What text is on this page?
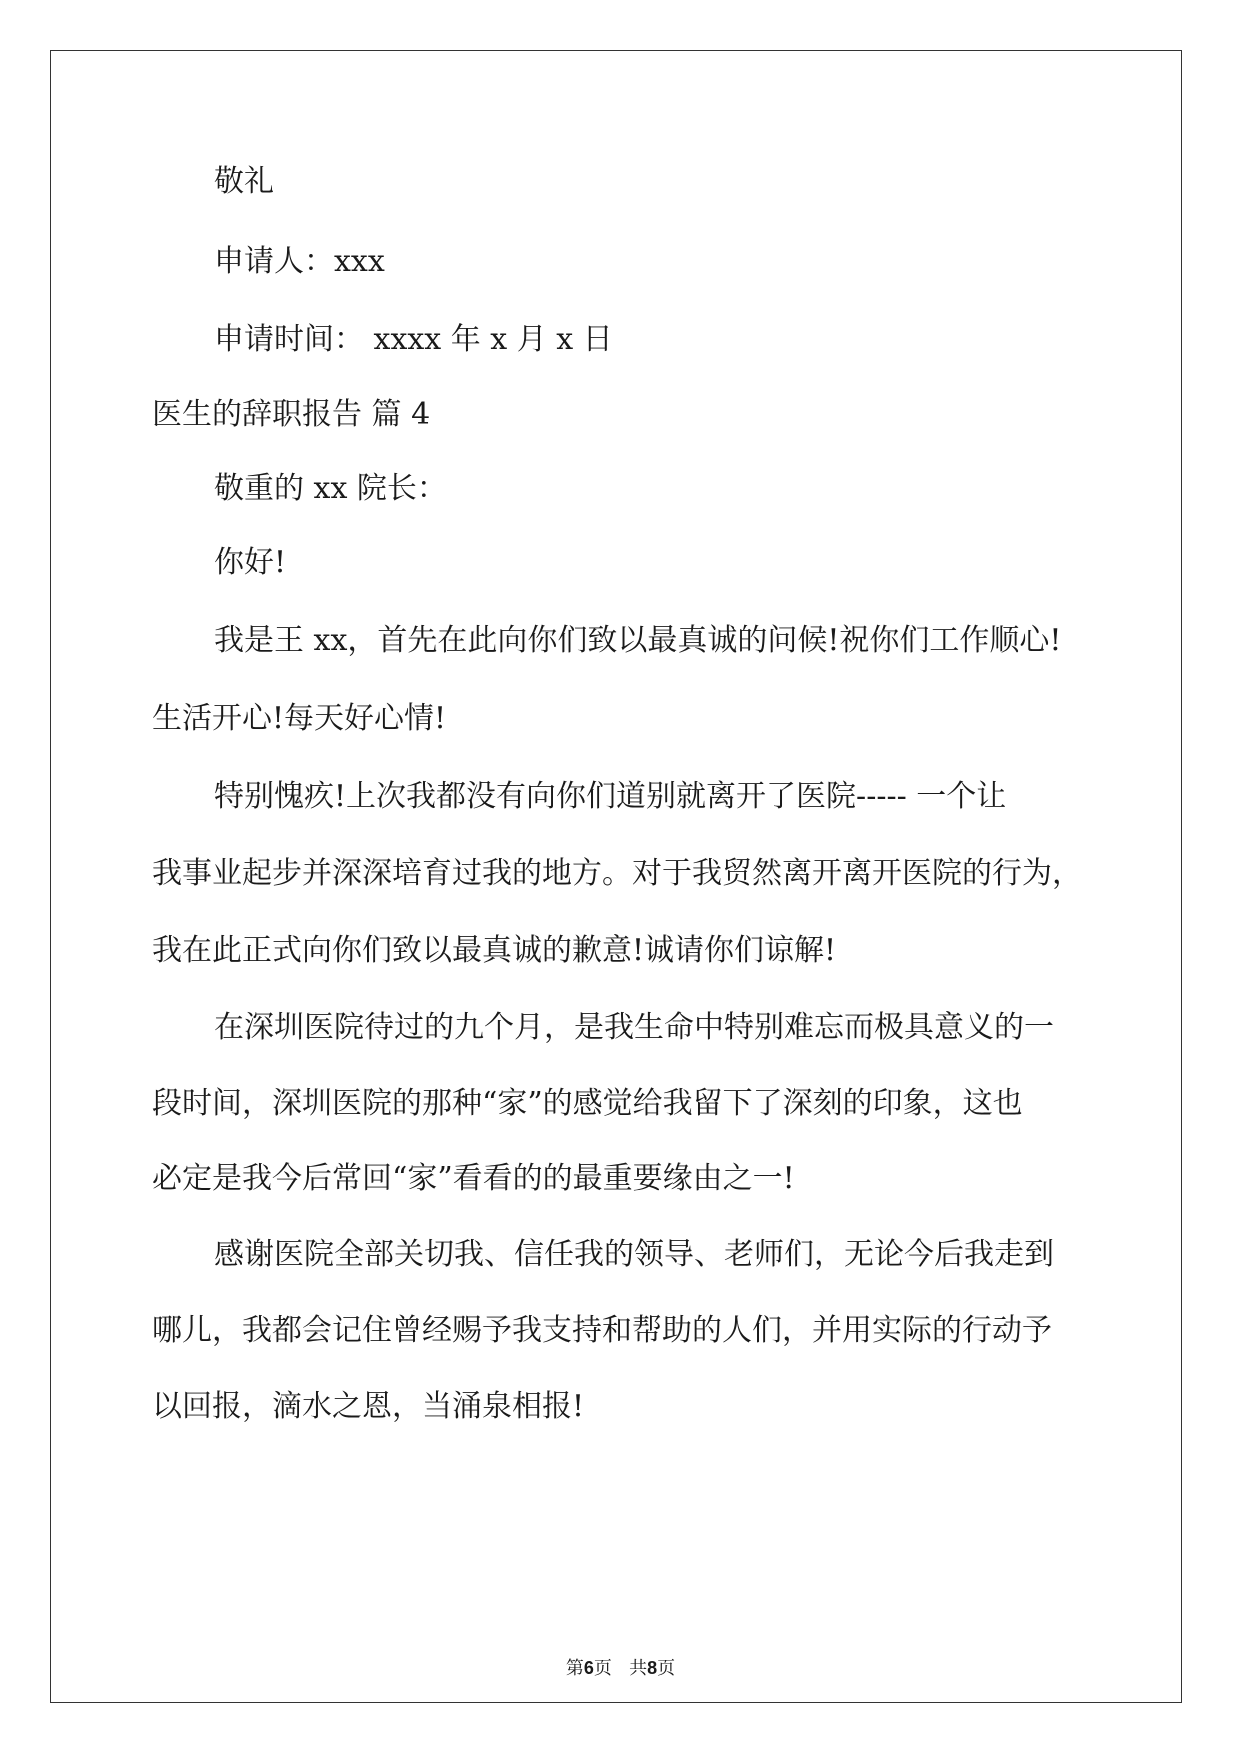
敬礼
申请人：xxx
申请时间： xxxx 年 x 月 x 日
医生的辞职报告 篇 4
敬重的 xx 院长：
你好!
我是王 xx，首先在此向你们致以最真诚的问候!祝你们工作顺心!
生活开心!每天好心情!
特别愧疚!上次我都没有向你们道别就离开了医院----- 一个让
我事业起步并深深培育过我的地方。对于我贸然离开离开医院的行为，
我在此正式向你们致以最真诚的歉意!诚请你们谅解!
在深圳医院待过的九个月，是我生命中特别难忘而极具意义的一
段时间，深圳医院的那种“家”的感觉给我留下了深刻的印象，这也
必定是我今后常回“家”看看的的最重要缘由之一!
感谢医院全部关切我、信任我的领导、老师们，无论今后我走到
哪儿，我都会记住曾经赐予我支持和帮助的人们，并用实际的行动予
以回报，滴水之恩，当涌泉相报!
第6页 共8页
